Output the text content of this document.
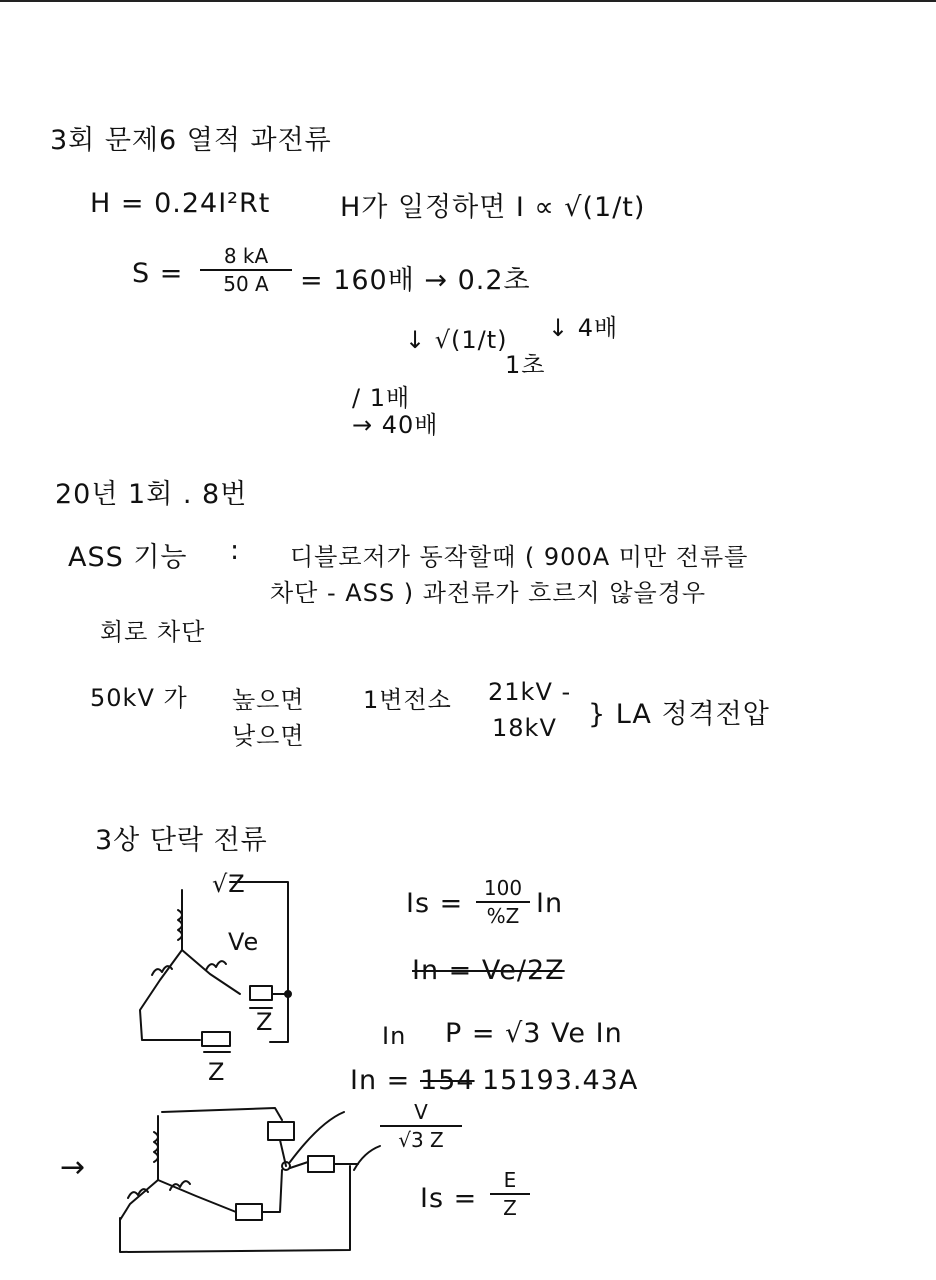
3회 문제6 열적 과전류
H = 0.24I²Rt	H가 일정하면 I ∝ √(1/t)
S =
8 kA
50 A	= 160배 → 0.2초
↓ √(1/t)
1초
↓ 4배
/ 1배
→ 40배
20년 1회 . 8번
ASS 기능 : 디블로저가 동작할때 ( 900A 미만 전류를
차단 - ASS ) 과전류가 흐르지 않을경우
회로 차단
50kV 가 높으면
낮으면
1변전소 21kV -
18kV } LA 정격전압
3상 단락 전류
√Z
Ve
Z
Z
Is =	100
%Z In
In = Ve/2Z
In P = √3 Ve In
In = 154 15193.43A
V
√3 Z
Is =
E
Z
→
